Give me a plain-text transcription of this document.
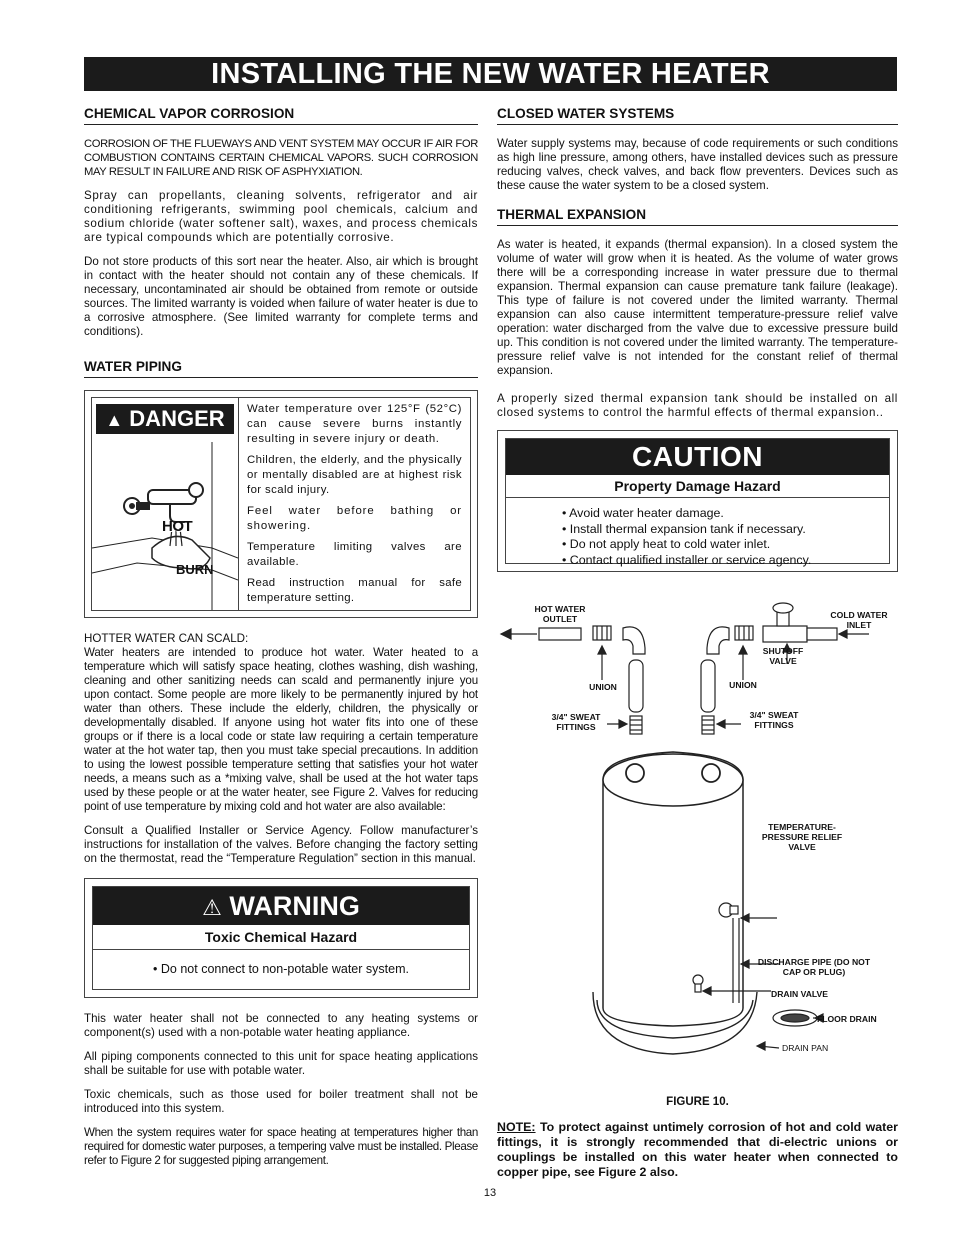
INSTALLING THE NEW WATER HEATER
CHEMICAL VAPOR CORROSION

CORROSION OF THE FLUEWAYS AND VENT SYSTEM MAY OCCUR IF AIR FOR COMBUSTION CONTAINS CERTAIN CHEMICAL VAPORS. SUCH CORROSION MAY RESULT IN FAILURE AND RISK OF ASPHYXIATION.

Spray can propellants, cleaning solvents, refrigerator and air conditioning refrigerants, swimming pool chemicals, calcium and sodium chloride (water softener salt), waxes, and process chemicals are typical compounds which are potentially corrosive.

Do not store products of this sort near the heater. Also, air which is brought in contact with the heater should not contain any of these chemicals. If necessary, uncontaminated air should be obtained from remote or outside sources. The limited warranty is voided when failure of water heater is due to a corrosive atmosphere. (See limited warranty for complete terms and conditions).

WATER PIPING
▲ DANGER
HOT
BURN
Water temperature over 125°F (52°C) can cause severe burns instantly resulting in severe injury or death.
Children, the elderly, and the physically or mentally disabled are at highest risk for scald injury.
Feel water before bathing or showering.
Temperature limiting valves are available.
Read instruction manual for safe temperature setting.

HOTTER WATER CAN SCALD:

Water heaters are intended to produce hot water. Water heated to a temperature which will satisfy space heating, clothes washing, dish washing, cleaning and other sanitizing needs can scald and permanently injure you upon contact. Some people are more likely to be permanently injured by hot water than others. These include the elderly, children, the physically or developmentally disabled. If anyone using hot water fits into one of these groups or if there is a local code or state law requiring a certain temperature water at the hot water tap, then you must take special precautions. In addition to using the lowest possible temperature setting that satisfies your hot water needs, a means such as a *mixing valve, shall be used at the hot water taps used by these people or at the water heater, see Figure 2. Valves for reducing point of use temperature by mixing cold and hot water are also available:

Consult a Qualified Installer or Service Agency. Follow manufacturer’s instructions for installation of the valves. Before changing the factory setting on the thermostat, read the “Temperature Regulation” section in this manual.

⚠ WARNING
Toxic Chemical Hazard
• Do not connect to non-potable water system.

This water heater shall not be connected to any heating systems or component(s) used with a non-potable water heating appliance.

All piping components connected to this unit for space heating applications shall be suitable for use with potable water.

Toxic chemicals, such as those used for boiler treatment shall not be introduced into this system.

When the system requires water for space heating at temperatures higher than required for domestic water purposes, a tempering valve must be installed. Please refer to Figure 2 for suggested piping arrangement.

CLOSED WATER SYSTEMS

Water supply systems may, because of code requirements or such conditions as high line pressure, among others, have installed devices such as pressure reducing valves, check valves, and back flow preventers. Devices such as these cause the water system to be a closed system.

THERMAL EXPANSION

As water is heated, it expands (thermal expansion). In a closed system the volume of water will grow when it is heated. As the volume of water grows there will be a corresponding increase in water pressure due to thermal expansion. Thermal expansion can cause premature tank failure (leakage). This type of failure is not covered under the limited warranty. Thermal expansion can also cause intermittent temperature-pressure relief valve operation: water discharged from the valve due to excessive pressure build up. This condition is not covered under the limited warranty. The temperature-pressure relief valve is not intended for the constant relief of thermal expansion.

A properly sized thermal expansion tank should be installed on all closed systems to control the harmful effects of thermal expansion..

CAUTION
Property Damage Hazard
• Avoid water heater damage.
• Install thermal expansion tank if necessary.
• Do not apply heat to cold water inlet.
• Contact qualified installer or service agency.
HOT WATER OUTLET	COLD WATER INLET
SHUTOFF VALVE
UNION	UNION
3/4" SWEAT FITTINGS
3/4" SWEAT FITTINGS
TEMPERATURE-PRESSURE RELIEF VALVE
DISCHARGE PIPE (DO NOT CAP OR PLUG)
DRAIN VALVE
FLOOR DRAIN
DRAIN PAN
FIGURE 10.
NOTE: To protect against untimely corrosion of hot and cold water fittings, it is strongly recommended that di-electric unions or couplings be installed on this water heater when connected to copper pipe, see Figure 2 also.
13
